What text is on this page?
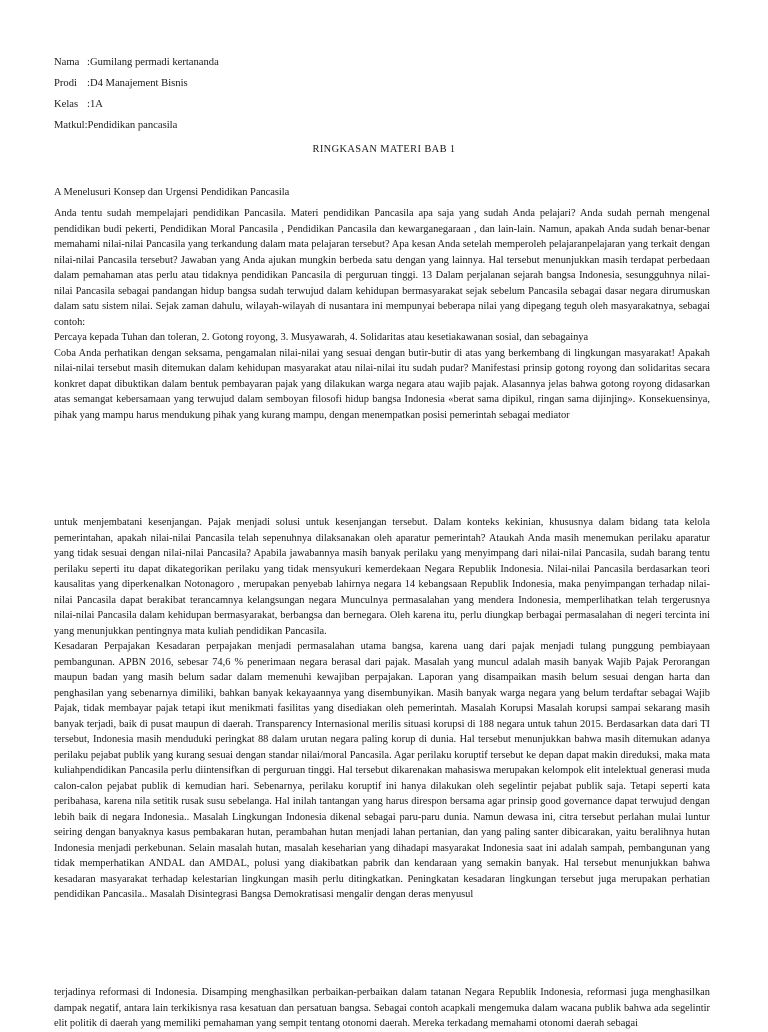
Nama :Gumilang permadi kertananda
Prodi :D4 Manajement Bisnis
Kelas :1A
Matkul:Pendidikan pancasila
RINGKASAN MATERI BAB 1
A Menelusuri Konsep dan Urgensi Pendidikan Pancasila

Anda tentu sudah mempelajari pendidikan Pancasila. Materi pendidikan Pancasila apa saja yang sudah Anda pelajari? Anda sudah pernah mengenal pendidikan budi pekerti, Pendidikan Moral Pancasila , Pendidikan Pancasila dan kewarganegaraan , dan lain-lain. Namun, apakah Anda sudah benar-benar memahami nilai-nilai Pancasila yang terkandung dalam mata pelajaran tersebut? Apa kesan Anda setelah memperoleh pelajaranpelajaran yang terkait dengan nilai-nilai Pancasila tersebut? Jawaban yang Anda ajukan mungkin berbeda satu dengan yang lainnya. Hal tersebut menunjukkan masih terdapat perbedaan dalam pemahaman atas perlu atau tidaknya pendidikan Pancasila di perguruan tinggi. 13 Dalam perjalanan sejarah bangsa Indonesia, sesungguhnya nilai-nilai Pancasila sebagai pandangan hidup bangsa sudah terwujud dalam kehidupan bermasyarakat sejak sebelum Pancasila sebagai dasar negara dirumuskan dalam satu sistem nilai. Sejak zaman dahulu, wilayah-wilayah di nusantara ini mempunyai beberapa nilai yang dipegang teguh oleh masyarakatnya, sebagai contoh:

Percaya kepada Tuhan dan toleran, 2. Gotong royong, 3. Musyawarah, 4. Solidaritas atau kesetiakawanan sosial, dan sebagainya

Coba Anda perhatikan dengan seksama, pengamalan nilai-nilai yang sesuai dengan butir-butir di atas yang berkembang di lingkungan masyarakat! Apakah nilai-nilai tersebut masih ditemukan dalam kehidupan masyarakat atau nilai-nilai itu sudah pudar? Manifestasi prinsip gotong royong dan solidaritas secara konkret dapat dibuktikan dalam bentuk pembayaran pajak yang dilakukan warga negara atau wajib pajak. Alasannya jelas bahwa gotong royong didasarkan atas semangat kebersamaan yang terwujud dalam semboyan filosofi hidup bangsa Indonesia «berat sama dipikul, ringan sama dijinjing». Konsekuensinya, pihak yang mampu harus mendukung pihak yang kurang mampu, dengan menempatkan posisi pemerintah sebagai mediator

untuk menjembatani kesenjangan. Pajak menjadi solusi untuk kesenjangan tersebut. Dalam konteks kekinian, khususnya dalam bidang tata kelola pemerintahan, apakah nilai-nilai Pancasila telah sepenuhnya dilaksanakan oleh aparatur pemerintah? Ataukah Anda masih menemukan perilaku aparatur yang tidak sesuai dengan nilai-nilai Pancasila? Apabila jawabannya masih banyak perilaku yang menyimpang dari nilai-nilai Pancasila, sudah barang tentu perilaku seperti itu dapat dikategorikan perilaku yang tidak mensyukuri kemerdekaan Negara Republik Indonesia. Nilai-nilai Pancasila berdasarkan teori kausalitas yang diperkenalkan Notonagoro , merupakan penyebab lahirnya negara 14 kebangsaan Republik Indonesia, maka penyimpangan terhadap nilai-nilai Pancasila dapat berakibat terancamnya kelangsungan negara Munculnya permasalahan yang mendera Indonesia, memperlihatkan telah tergerusnya nilai-nilai Pancasila dalam kehidupan bermasyarakat, berbangsa dan bernegara. Oleh karena itu, perlu diungkap berbagai permasalahan di negeri tercinta ini yang menunjukkan pentingnya mata kuliah pendidikan Pancasila.

Kesadaran Perpajakan Kesadaran perpajakan menjadi permasalahan utama bangsa, karena uang dari pajak menjadi tulang punggung pembiayaan pembangunan. APBN 2016, sebesar 74,6 % penerimaan negara berasal dari pajak. Masalah yang muncul adalah masih banyak Wajib Pajak Perorangan maupun badan yang masih belum sadar dalam memenuhi kewajiban perpajakan. Laporan yang disampaikan masih belum sesuai dengan harta dan penghasilan yang sebenarnya dimiliki, bahkan banyak kekayaannya yang disembunyikan. Masih banyak warga negara yang belum terdaftar sebagai Wajib Pajak, tidak membayar pajak tetapi ikut menikmati fasilitas yang disediakan oleh pemerintah. Masalah Korupsi Masalah korupsi sampai sekarang masih banyak terjadi, baik di pusat maupun di daerah. Transparency Internasional merilis situasi korupsi di 188 negara untuk tahun 2015. Berdasarkan data dari TI tersebut, Indonesia masih menduduki peringkat 88 dalam urutan negara paling korup di dunia. Hal tersebut menunjukkan bahwa masih ditemukan adanya perilaku pejabat publik yang kurang sesuai dengan standar nilai/moral Pancasila. Agar perilaku koruptif tersebut ke depan dapat makin direduksi, maka mata kuliahpendidikan Pancasila perlu diintensifkan di perguruan tinggi. Hal tersebut dikarenakan mahasiswa merupakan kelompok elit intelektual generasi muda calon-calon pejabat publik di kemudian hari. Sebenarnya, perilaku koruptif ini hanya dilakukan oleh segelintir pejabat publik saja. Tetapi seperti kata peribahasa, karena nila setitik rusak susu sebelanga. Hal inilah tantangan yang harus direspon bersama agar prinsip good governance dapat terwujud dengan lebih baik di negara Indonesia.. Masalah Lingkungan Indonesia dikenal sebagai paru-paru dunia. Namun dewasa ini, citra tersebut perlahan mulai luntur seiring dengan banyaknya kasus pembakaran hutan, perambahan hutan menjadi lahan pertanian, dan yang paling santer dibicarakan, yaitu beralihnya hutan Indonesia menjadi perkebunan. Selain masalah hutan, masalah keseharian yang dihadapi masyarakat Indonesia saat ini adalah sampah, pembangunan yang tidak memperhatikan ANDAL dan AMDAL, polusi yang diakibatkan pabrik dan kendaraan yang semakin banyak. Hal tersebut menunjukkan bahwa kesadaran masyarakat terhadap kelestarian lingkungan masih perlu ditingkatkan. Peningkatan kesadaran lingkungan tersebut juga merupakan perhatian pendidikan Pancasila.. Masalah Disintegrasi Bangsa Demokratisasi mengalir dengan deras menyusul

terjadinya reformasi di Indonesia. Disamping menghasilkan perbaikan-perbaikan dalam tatanan Negara Republik Indonesia, reformasi juga menghasilkan dampak negatif, antara lain terkikisnya rasa kesatuan dan persatuan bangsa. Sebagai contoh acapkali mengemuka dalam wacana publik bahwa ada segelintir elit politik di daerah yang memiliki pemahaman yang sempit tentang otonomi daerah. Mereka terkadang memahami otonomi daerah sebagai
